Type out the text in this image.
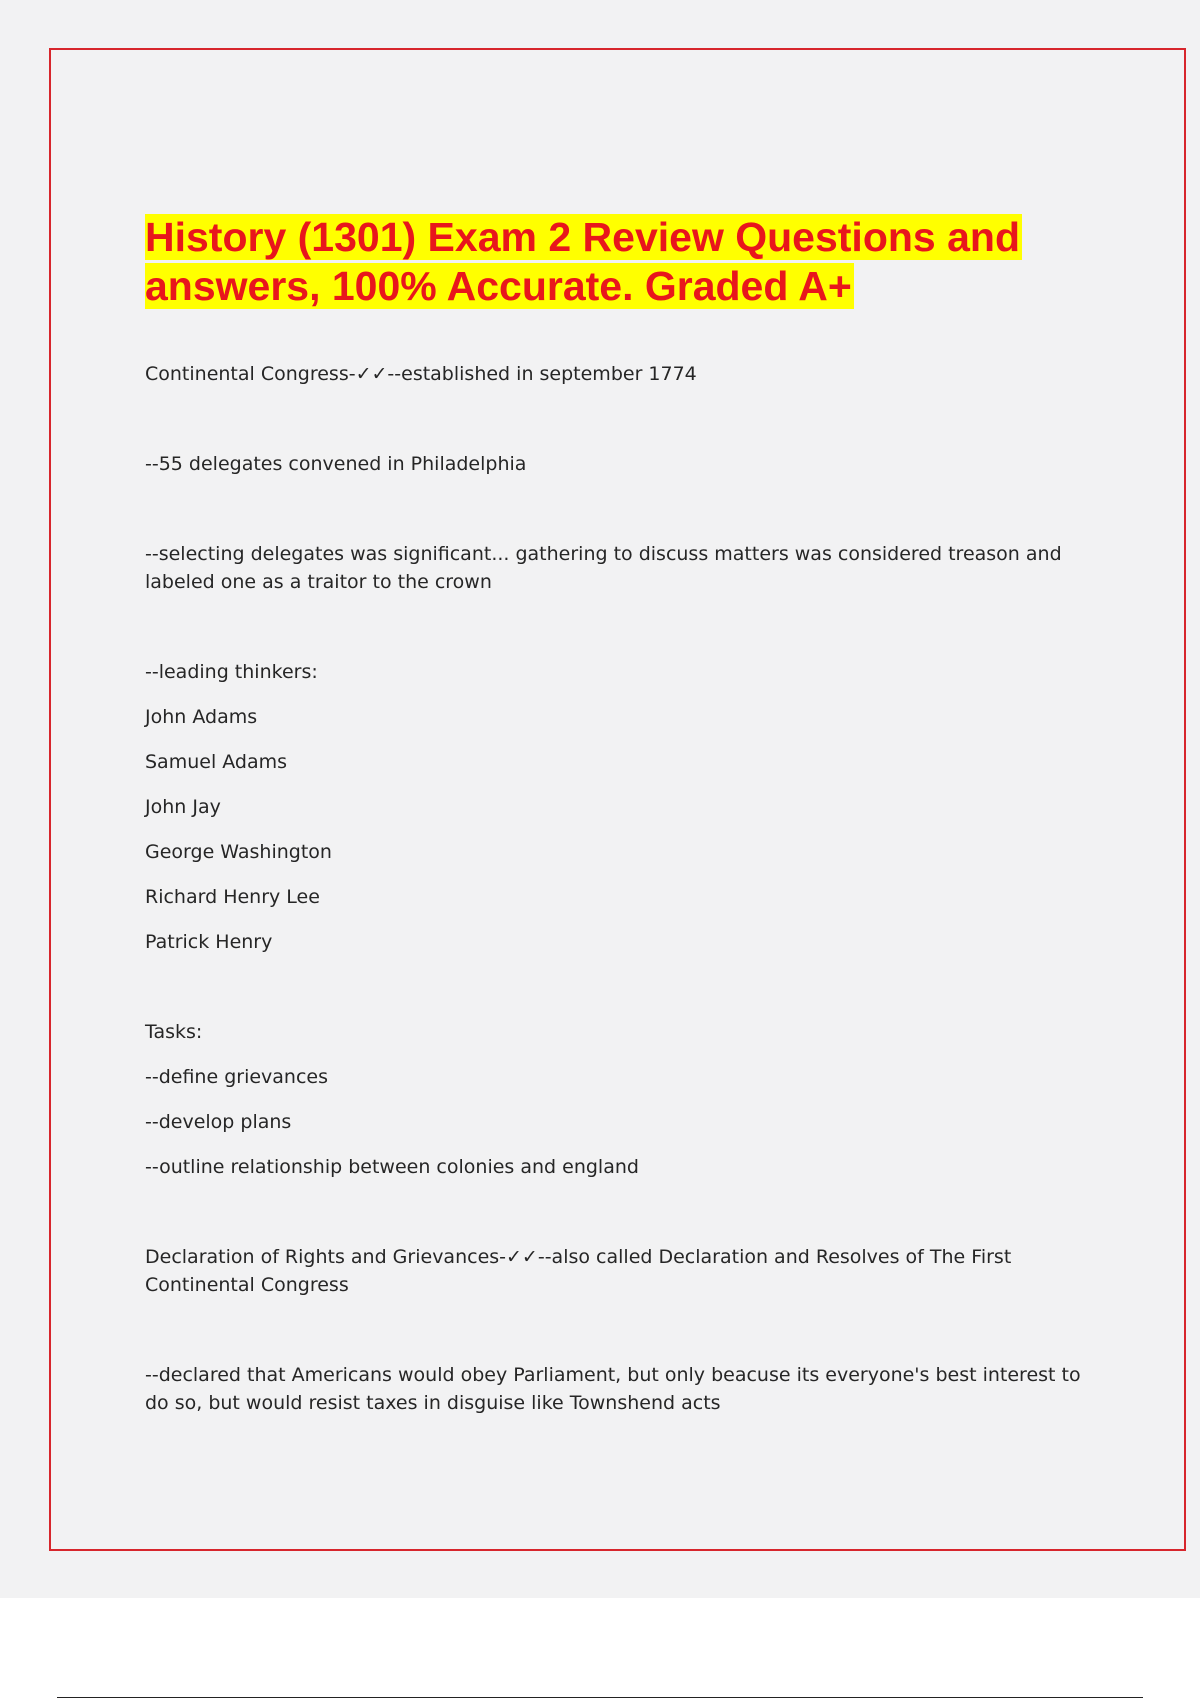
History (1301) Exam 2 Review Questions and answers, 100% Accurate. Graded A+

Continental Congress-✓✓--established in september 1774

--55 delegates convened in Philadelphia

--selecting delegates was significant... gathering to discuss matters was considered treason and labeled one as a traitor to the crown

--leading thinkers:

John Adams

Samuel Adams

John Jay

George Washington

Richard Henry Lee

Patrick Henry

Tasks:

--define grievances

--develop plans

--outline relationship between colonies and england

Declaration of Rights and Grievances-✓✓--also called Declaration and Resolves of The First Continental Congress

--declared that Americans would obey Parliament, but only beacuse its everyone's best interest to do so, but would resist taxes in disguise like Townshend acts
